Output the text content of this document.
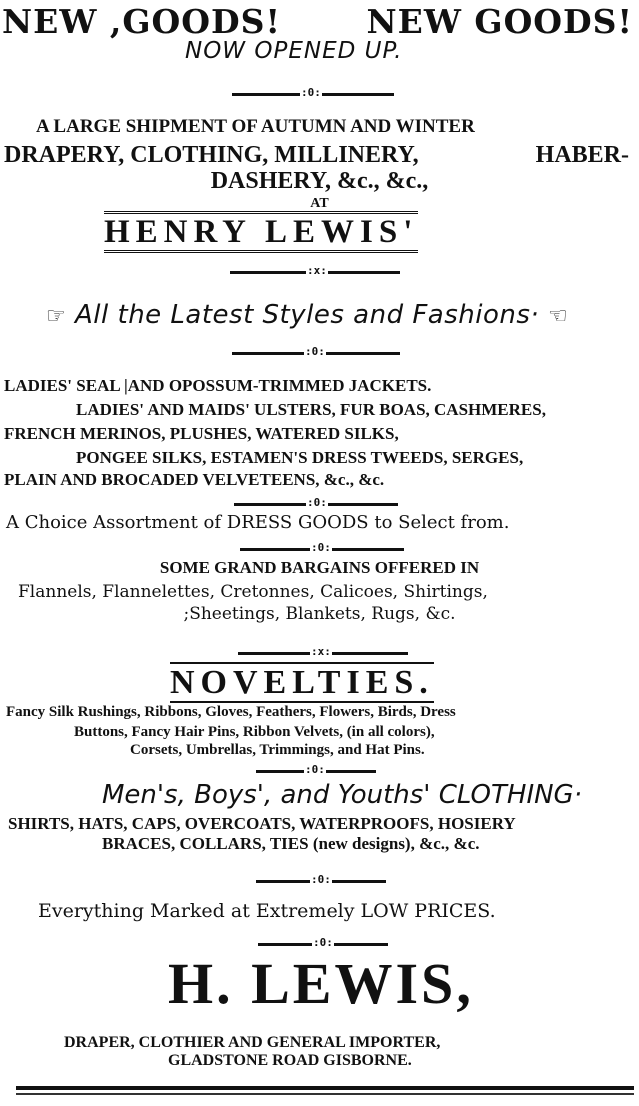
NEW ,GOODS!	NEW GOODS!
NOW OPENED UP.
:0:
A LARGE SHIPMENT OF AUTUMN AND WINTER
DRAPERY, CLOTHING, MILLINERY,	HABER-
DASHERY, &c., &c.,
AT
HENRY LEWIS'
:x:
☞ All the Latest Styles and Fashions· ☜
:0:
LADIES' SEAL |AND OPOSSUM-TRIMMED JACKETS.
LADIES' AND MAIDS' ULSTERS, FUR BOAS, CASHMERES,
FRENCH MERINOS, PLUSHES, WATERED SILKS,
PONGEE SILKS, ESTAMEN'S DRESS TWEEDS, SERGES,
PLAIN AND BROCADED VELVETEENS, &c., &c.
:0:
A Choice Assortment of DRESS GOODS to Select from.
:0:
SOME GRAND BARGAINS OFFERED IN
Flannels, Flannelettes, Cretonnes, Calicoes, Shirtings,
;Sheetings, Blankets, Rugs, &c.
:x:
NOVELTIES.
Fancy Silk Rushings, Ribbons, Gloves, Feathers, Flowers, Birds, Dress
Buttons, Fancy Hair Pins, Ribbon Velvets, (in all colors),
Corsets, Umbrellas, Trimmings, and Hat Pins.
:0:
Men's, Boys', and Youths' CLOTHING·
SHIRTS, HATS, CAPS, OVERCOATS, WATERPROOFS, HOSIERY
BRACES, COLLARS, TIES (new designs), &c., &c.
:0:
Everything Marked at Extremely LOW PRICES.
:0:
H. LEWIS,
DRAPER, CLOTHIER AND GENERAL IMPORTER,
GLADSTONE ROAD GISBORNE.
